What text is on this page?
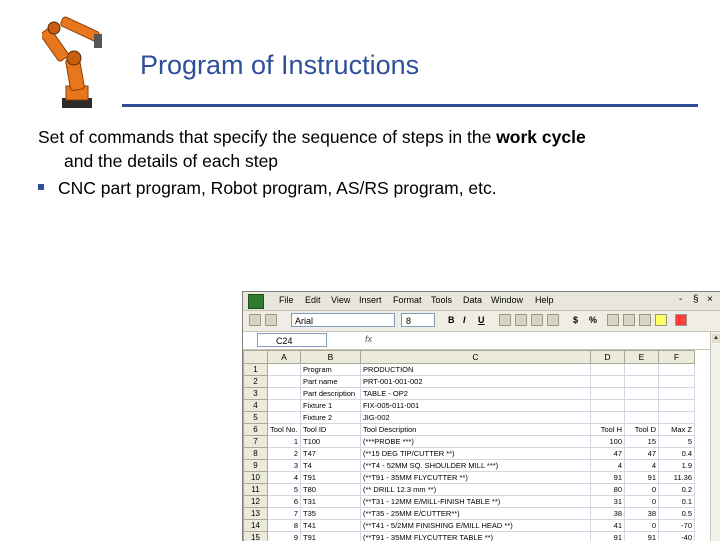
Program of Instructions
Set of commands that specify the sequence of steps in the work cycle
and the details of each step
CNC part program, Robot program, AS/RS program, etc.
File Edit View Insert Format Tools Data Window Help	- § ×
Arial	8	B I U	$ %
C24	fx
	A	B	C	D	E	F
1		Program	PRODUCTION			
2		Part name	PRT-001-001-002			
3		Part description	TABLE - OP2			
4		Fixture 1	FIX-005-011-001			
5		Fixture 2	JIG-002			
6	Tool No.	Tool ID	Tool Description	Tool H	Tool D	Max Z
7	1	T100	(***PROBE ***)	100	15	5
8	2	T47	(**15 DEG TIP/CUTTER **)	47	47	0.4
9	3	T4	(**T4 - 52MM SQ. SHOULDER MILL ***)	4	4	1.9
10	4	T91	(**T91 - 35MM FLYCUTTER **)	91	91	11.36
11	5	T80	(** DRILL 12.3 mm **)	80	0	0.2
12	6	T31	(**T31 - 12MM E/MILL-FINISH TABLE **)	31	0	0.1
13	7	T35	(**T35 - 25MM E/CUTTER**)	38	38	0.5
14	8	T41	(**T41 - 5/2MM FINISHING E/MILL HEAD **)	41	0	-70
15	9	T91	(**T91 - 35MM FLYCUTTER TABLE **)	91	91	-40
▲
